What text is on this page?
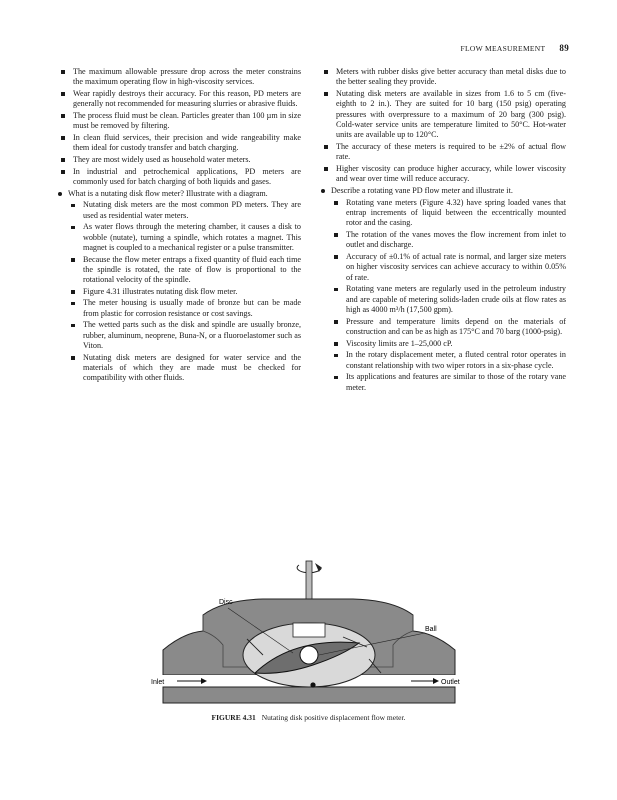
FLOW MEASUREMENT 89
The maximum allowable pressure drop across the meter constrains the maximum operating flow in high-viscosity services.
Wear rapidly destroys their accuracy. For this reason, PD meters are generally not recommended for measuring slurries or abrasive fluids.
The process fluid must be clean. Particles greater than 100 µm in size must be removed by filtering.
In clean fluid services, their precision and wide rangeability make them ideal for custody transfer and batch charging.
They are most widely used as household water meters.
In industrial and petrochemical applications, PD meters are commonly used for batch charging of both liquids and gases.
What is a nutating disk flow meter? Illustrate with a diagram.
Nutating disk meters are the most common PD meters. They are used as residential water meters.
As water flows through the metering chamber, it causes a disk to wobble (nutate), turning a spindle, which rotates a magnet. This magnet is coupled to a mechanical register or a pulse transmitter.
Because the flow meter entraps a fixed quantity of fluid each time the spindle is rotated, the rate of flow is proportional to the rotational velocity of the spindle.
Figure 4.31 illustrates nutating disk flow meter.
The meter housing is usually made of bronze but can be made from plastic for corrosion resistance or cost savings.
The wetted parts such as the disk and spindle are usually bronze, rubber, aluminum, neoprene, Buna-N, or a fluoroelastomer such as Viton.
Nutating disk meters are designed for water service and the materials of which they are made must be checked for compatibility with other fluids.
Meters with rubber disks give better accuracy than metal disks due to the better sealing they provide.
Nutating disk meters are available in sizes from 1.6 to 5 cm (five-eighth to 2 in.). They are suited for 10 barg (150 psig) operating pressures with overpressure to a maximum of 20 barg (300 psig). Cold-water service units are temperature limited to 50°C. Hot-water units are available up to 120°C.
The accuracy of these meters is required to be ±2% of actual flow rate.
Higher viscosity can produce higher accuracy, while lower viscosity and wear over time will reduce accuracy.
Describe a rotating vane PD flow meter and illustrate it.
Rotating vane meters (Figure 4.32) have spring loaded vanes that entrap increments of liquid between the eccentrically mounted rotor and the casing.
The rotation of the vanes moves the flow increment from inlet to outlet and discharge.
Accuracy of ±0.1% of actual rate is normal, and larger size meters on higher viscosity services can achieve accuracy to within 0.05% of rate.
Rotating vane meters are regularly used in the petroleum industry and are capable of metering solids-laden crude oils at flow rates as high as 4000 m³/h (17,500 gpm).
Pressure and temperature limits depend on the materials of construction and can be as high as 175°C and 70 barg (1000-psig).
Viscosity limits are 1–25,000 cP.
In the rotary displacement meter, a fluted central rotor operates in constant relationship with two wiper rotors in a six-phase cycle.
Its applications and features are similar to those of the rotary vane meter.
Disc
Ball
Inlet	Outlet
FIGURE 4.31 Nutating disk positive displacement flow meter.
